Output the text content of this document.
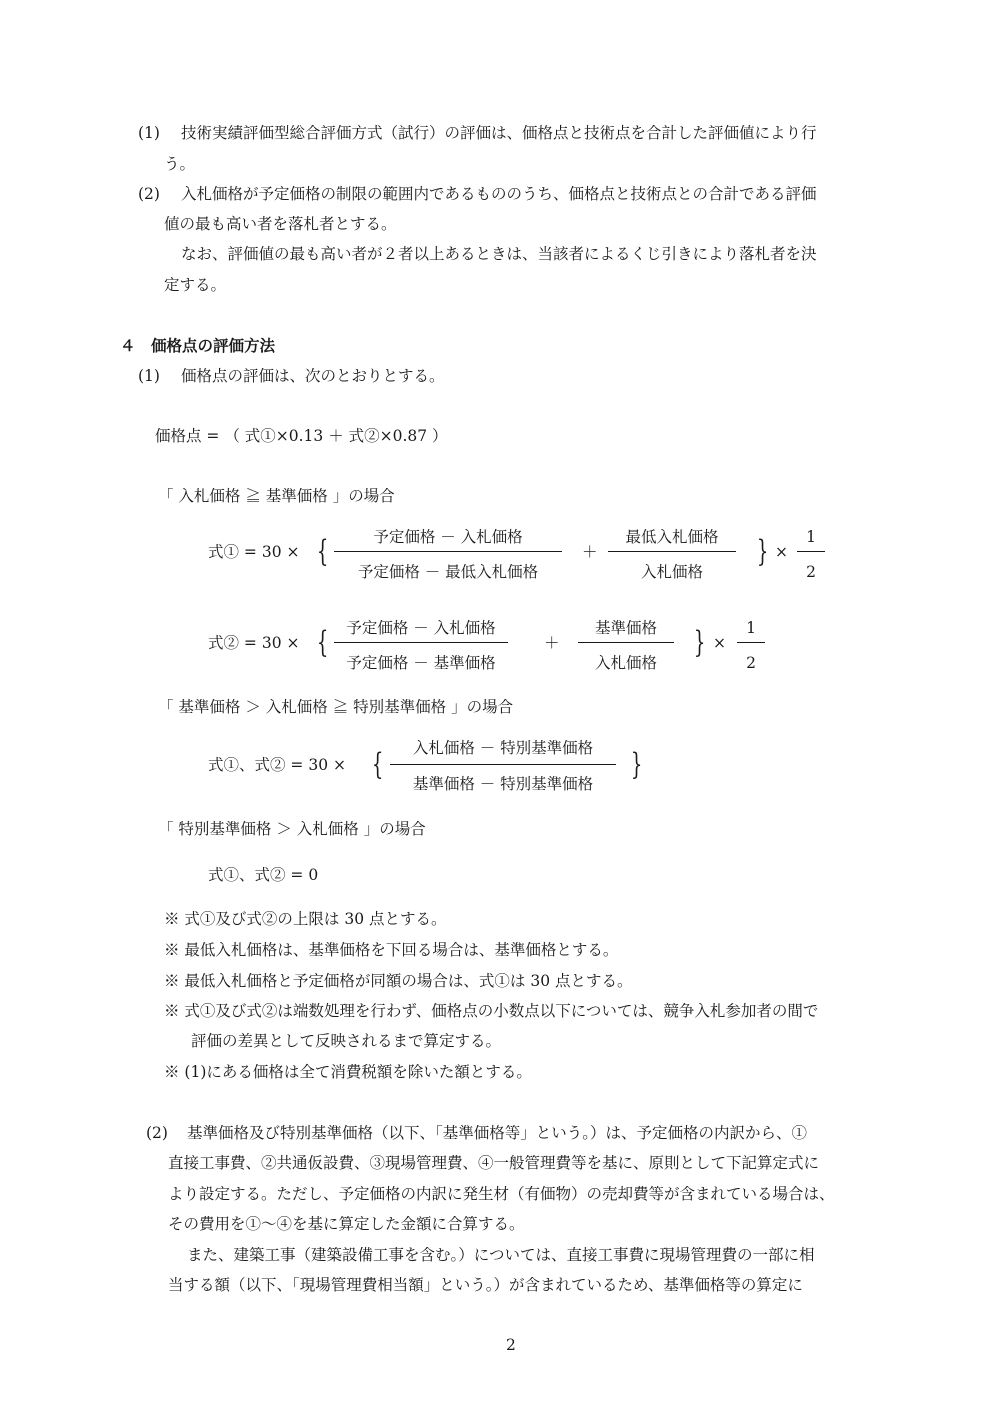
(1) 技術実績評価型総合評価方式（試行）の評価は、価格点と技術点を合計した評価値により行
う。
(2) 入札価格が予定価格の制限の範囲内であるもののうち、価格点と技術点との合計である評価
値の最も高い者を落札者とする。
なお、評価値の最も高い者が２者以上あるときは、当該者によるくじ引きにより落札者を決
定する。
４　価格点の評価方法
(1) 価格点の評価は、次のとおりとする。
価格点 = （ 式①×0.13 ＋ 式②×0.87 ）
「 入札価格 ≧ 基準価格 」の場合
式① = 30 × {	予定価格 － 入札価格
予定価格 － 最低入札価格
＋
最低入札価格
入札価格
} ×
1
2
式② = 30 × {	予定価格 － 入札価格
予定価格 － 基準価格
＋
基準価格
入札価格
} ×
1
2
「 基準価格 ＞ 入札価格 ≧ 特別基準価格 」の場合
式①、式② = 30 × {	入札価格 － 特別基準価格
基準価格 － 特別基準価格
}
「 特別基準価格 ＞ 入札価格 」の場合
式①、式② = 0
※ 式①及び式②の上限は 30 点とする。
※ 最低入札価格は、基準価格を下回る場合は、基準価格とする。
※ 最低入札価格と予定価格が同額の場合は、式①は 30 点とする。
※ 式①及び式②は端数処理を行わず、価格点の小数点以下については、競争入札参加者の間で
評価の差異として反映されるまで算定する。
※ (1)にある価格は全て消費税額を除いた額とする。
(2) 基準価格及び特別基準価格（以下、「基準価格等」という。）は、予定価格の内訳から、①
直接工事費、②共通仮設費、③現場管理費、④一般管理費等を基に、原則として下記算定式に
より設定する。ただし、予定価格の内訳に発生材（有価物）の売却費等が含まれている場合は、
その費用を①～④を基に算定した金額に合算する。
また、建築工事（建築設備工事を含む。）については、直接工事費に現場管理費の一部に相
当する額（以下、「現場管理費相当額」という。）が含まれているため、基準価格等の算定に
2
